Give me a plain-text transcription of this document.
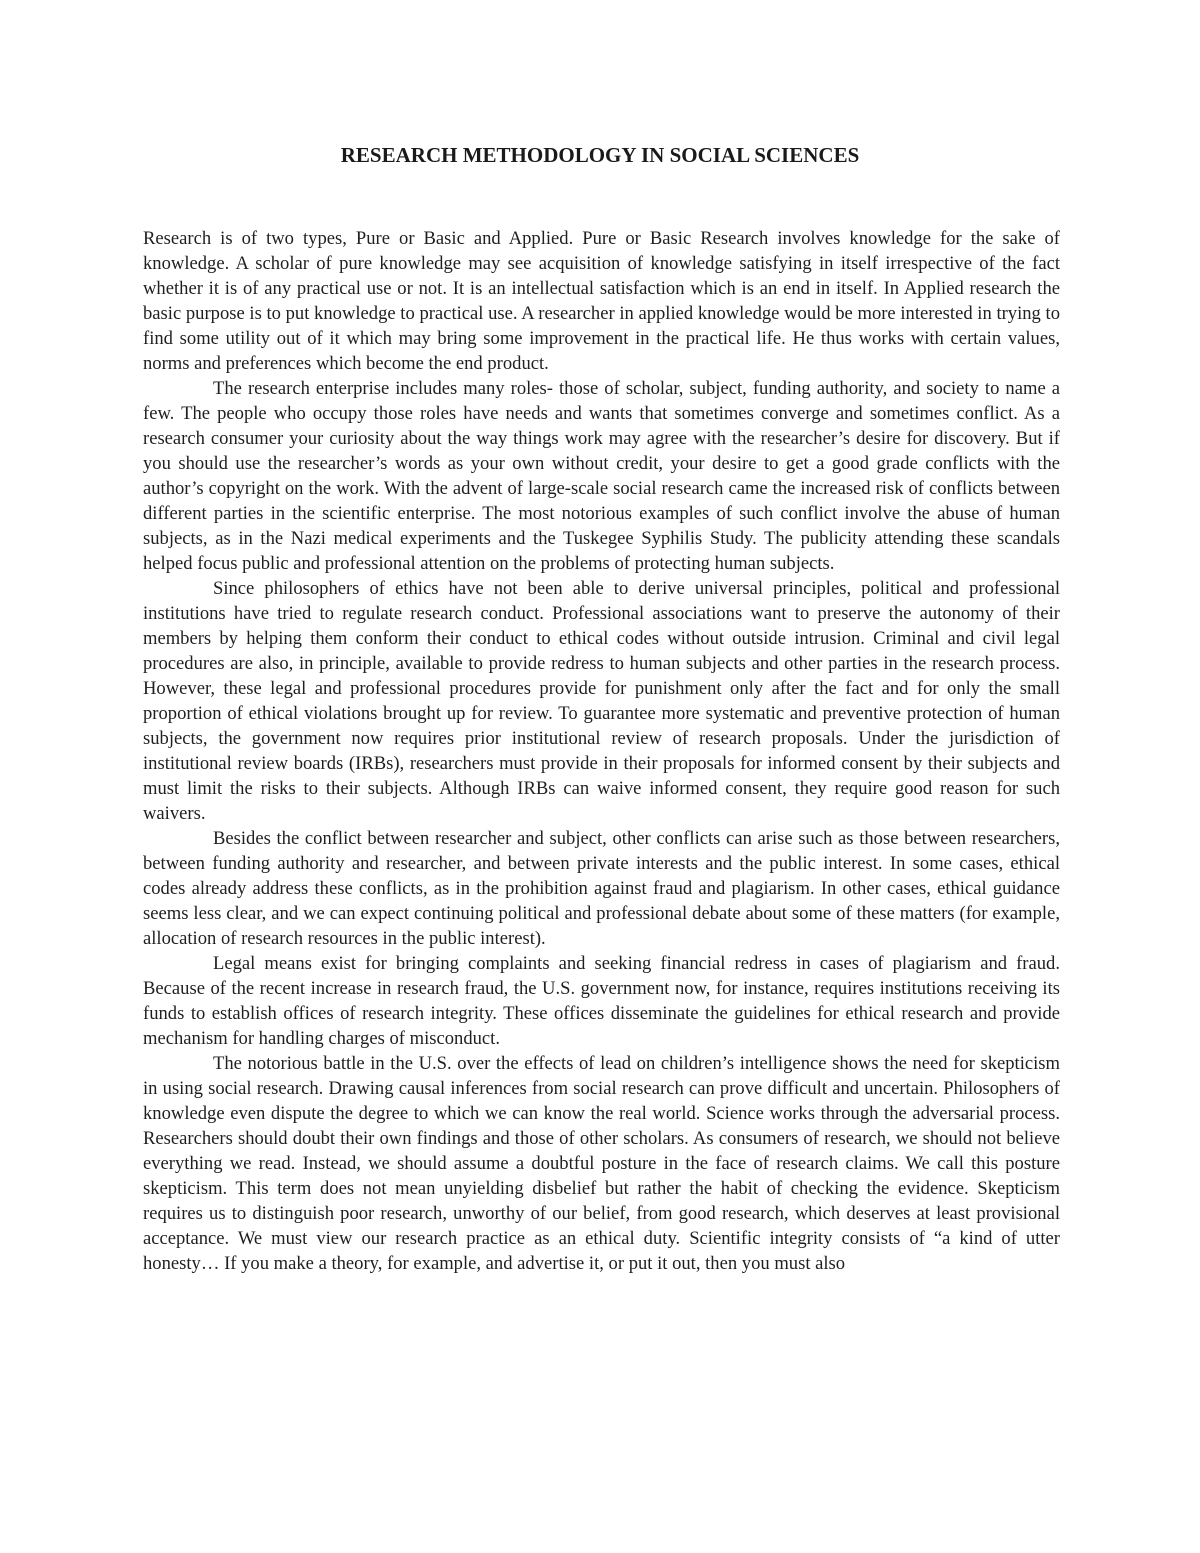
RESEARCH METHODOLOGY IN SOCIAL SCIENCES

Research is of two types, Pure or Basic and Applied. Pure or Basic Research involves knowledge for the sake of knowledge. A scholar of pure knowledge may see acquisition of knowledge satisfying in itself irrespective of the fact whether it is of any practical use or not. It is an intellectual satisfaction which is an end in itself. In Applied research the basic purpose is to put knowledge to practical use. A researcher in applied knowledge would be more interested in trying to find some utility out of it which may bring some improvement in the practical life. He thus works with certain values, norms and preferences which become the end product.

The research enterprise includes many roles- those of scholar, subject, funding authority, and society to name a few. The people who occupy those roles have needs and wants that sometimes converge and sometimes conflict. As a research consumer your curiosity about the way things work may agree with the researcher’s desire for discovery. But if you should use the researcher’s words as your own without credit, your desire to get a good grade conflicts with the author’s copyright on the work. With the advent of large-scale social research came the increased risk of conflicts between different parties in the scientific enterprise. The most notorious examples of such conflict involve the abuse of human subjects, as in the Nazi medical experiments and the Tuskegee Syphilis Study. The publicity attending these scandals helped focus public and professional attention on the problems of protecting human subjects.

Since philosophers of ethics have not been able to derive universal principles, political and professional institutions have tried to regulate research conduct. Professional associations want to preserve the autonomy of their members by helping them conform their conduct to ethical codes without outside intrusion. Criminal and civil legal procedures are also, in principle, available to provide redress to human subjects and other parties in the research process. However, these legal and professional procedures provide for punishment only after the fact and for only the small proportion of ethical violations brought up for review. To guarantee more systematic and preventive protection of human subjects, the government now requires prior institutional review of research proposals. Under the jurisdiction of institutional review boards (IRBs), researchers must provide in their proposals for informed consent by their subjects and must limit the risks to their subjects. Although IRBs can waive informed consent, they require good reason for such waivers.

Besides the conflict between researcher and subject, other conflicts can arise such as those between researchers, between funding authority and researcher, and between private interests and the public interest. In some cases, ethical codes already address these conflicts, as in the prohibition against fraud and plagiarism. In other cases, ethical guidance seems less clear, and we can expect continuing political and professional debate about some of these matters (for example, allocation of research resources in the public interest).

Legal means exist for bringing complaints and seeking financial redress in cases of plagiarism and fraud. Because of the recent increase in research fraud, the U.S. government now, for instance, requires institutions receiving its funds to establish offices of research integrity. These offices disseminate the guidelines for ethical research and provide mechanism for handling charges of misconduct.

The notorious battle in the U.S. over the effects of lead on children’s intelligence shows the need for skepticism in using social research. Drawing causal inferences from social research can prove difficult and uncertain. Philosophers of knowledge even dispute the degree to which we can know the real world. Science works through the adversarial process. Researchers should doubt their own findings and those of other scholars. As consumers of research, we should not believe everything we read. Instead, we should assume a doubtful posture in the face of research claims. We call this posture skepticism. This term does not mean unyielding disbelief but rather the habit of checking the evidence. Skepticism requires us to distinguish poor research, unworthy of our belief, from good research, which deserves at least provisional acceptance. We must view our research practice as an ethical duty. Scientific integrity consists of “a kind of utter honesty… If you make a theory, for example, and advertise it, or put it out, then you must also
